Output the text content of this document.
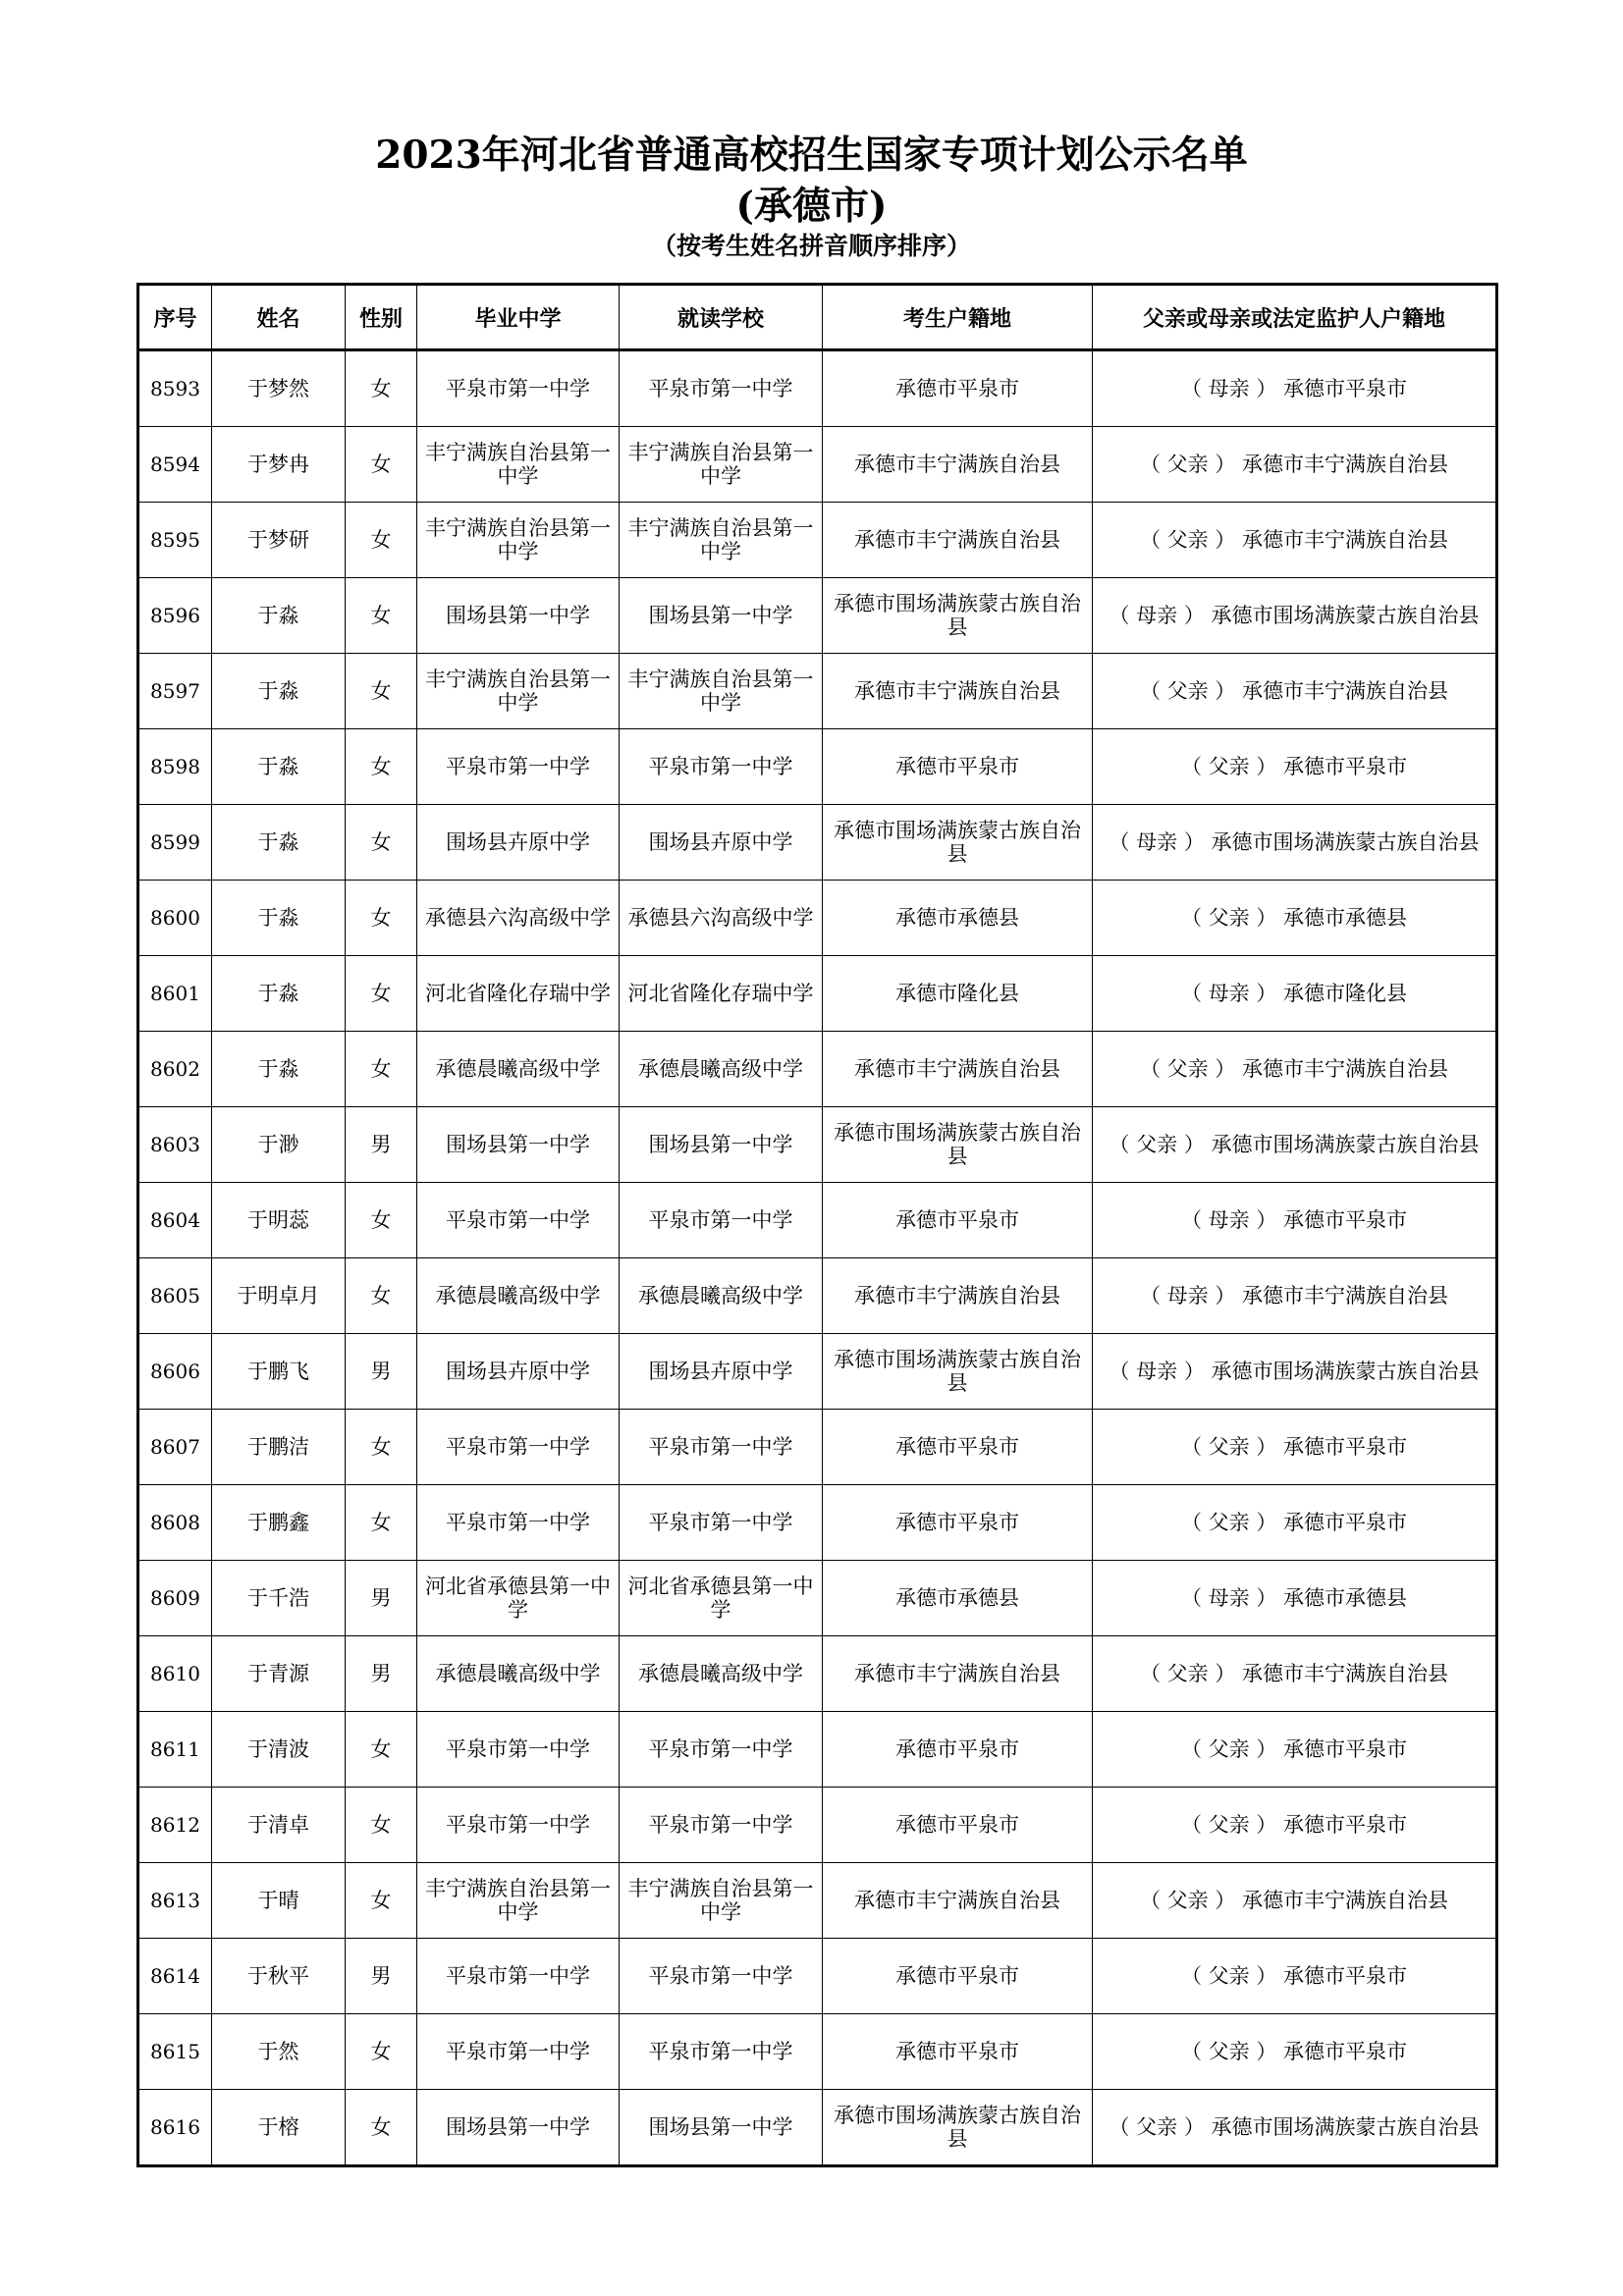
2023年河北省普通高校招生国家专项计划公示名单
(承德市)
（按考生姓名拼音顺序排序）
序号	姓名	性别	毕业中学	就读学校	考生户籍地	父亲或母亲或法定监护人户籍地
8593	于梦然	女	平泉市第一中学	平泉市第一中学	承德市平泉市	（ 母亲 ） 承德市平泉市
8594	于梦冉	女	丰宁满族自治县第一中学	丰宁满族自治县第一中学	承德市丰宁满族自治县	（ 父亲 ） 承德市丰宁满族自治县
8595	于梦研	女	丰宁满族自治县第一中学	丰宁满族自治县第一中学	承德市丰宁满族自治县	（ 父亲 ） 承德市丰宁满族自治县
8596	于淼	女	围场县第一中学	围场县第一中学	承德市围场满族蒙古族自治县	（ 母亲 ） 承德市围场满族蒙古族自治县
8597	于淼	女	丰宁满族自治县第一中学	丰宁满族自治县第一中学	承德市丰宁满族自治县	（ 父亲 ） 承德市丰宁满族自治县
8598	于淼	女	平泉市第一中学	平泉市第一中学	承德市平泉市	（ 父亲 ） 承德市平泉市
8599	于淼	女	围场县卉原中学	围场县卉原中学	承德市围场满族蒙古族自治县	（ 母亲 ） 承德市围场满族蒙古族自治县
8600	于淼	女	承德县六沟高级中学	承德县六沟高级中学	承德市承德县	（ 父亲 ） 承德市承德县
8601	于淼	女	河北省隆化存瑞中学	河北省隆化存瑞中学	承德市隆化县	（ 母亲 ） 承德市隆化县
8602	于淼	女	承德晨曦高级中学	承德晨曦高级中学	承德市丰宁满族自治县	（ 父亲 ） 承德市丰宁满族自治县
8603	于渺	男	围场县第一中学	围场县第一中学	承德市围场满族蒙古族自治县	（ 父亲 ） 承德市围场满族蒙古族自治县
8604	于明蕊	女	平泉市第一中学	平泉市第一中学	承德市平泉市	（ 母亲 ） 承德市平泉市
8605	于明卓月	女	承德晨曦高级中学	承德晨曦高级中学	承德市丰宁满族自治县	（ 母亲 ） 承德市丰宁满族自治县
8606	于鹏飞	男	围场县卉原中学	围场县卉原中学	承德市围场满族蒙古族自治县	（ 母亲 ） 承德市围场满族蒙古族自治县
8607	于鹏洁	女	平泉市第一中学	平泉市第一中学	承德市平泉市	（ 父亲 ） 承德市平泉市
8608	于鹏鑫	女	平泉市第一中学	平泉市第一中学	承德市平泉市	（ 父亲 ） 承德市平泉市
8609	于千浩	男	河北省承德县第一中学	河北省承德县第一中学	承德市承德县	（ 母亲 ） 承德市承德县
8610	于青源	男	承德晨曦高级中学	承德晨曦高级中学	承德市丰宁满族自治县	（ 父亲 ） 承德市丰宁满族自治县
8611	于清波	女	平泉市第一中学	平泉市第一中学	承德市平泉市	（ 父亲 ） 承德市平泉市
8612	于清卓	女	平泉市第一中学	平泉市第一中学	承德市平泉市	（ 父亲 ） 承德市平泉市
8613	于晴	女	丰宁满族自治县第一中学	丰宁满族自治县第一中学	承德市丰宁满族自治县	（ 父亲 ） 承德市丰宁满族自治县
8614	于秋平	男	平泉市第一中学	平泉市第一中学	承德市平泉市	（ 父亲 ） 承德市平泉市
8615	于然	女	平泉市第一中学	平泉市第一中学	承德市平泉市	（ 父亲 ） 承德市平泉市
8616	于榕	女	围场县第一中学	围场县第一中学	承德市围场满族蒙古族自治县	（ 父亲 ） 承德市围场满族蒙古族自治县
